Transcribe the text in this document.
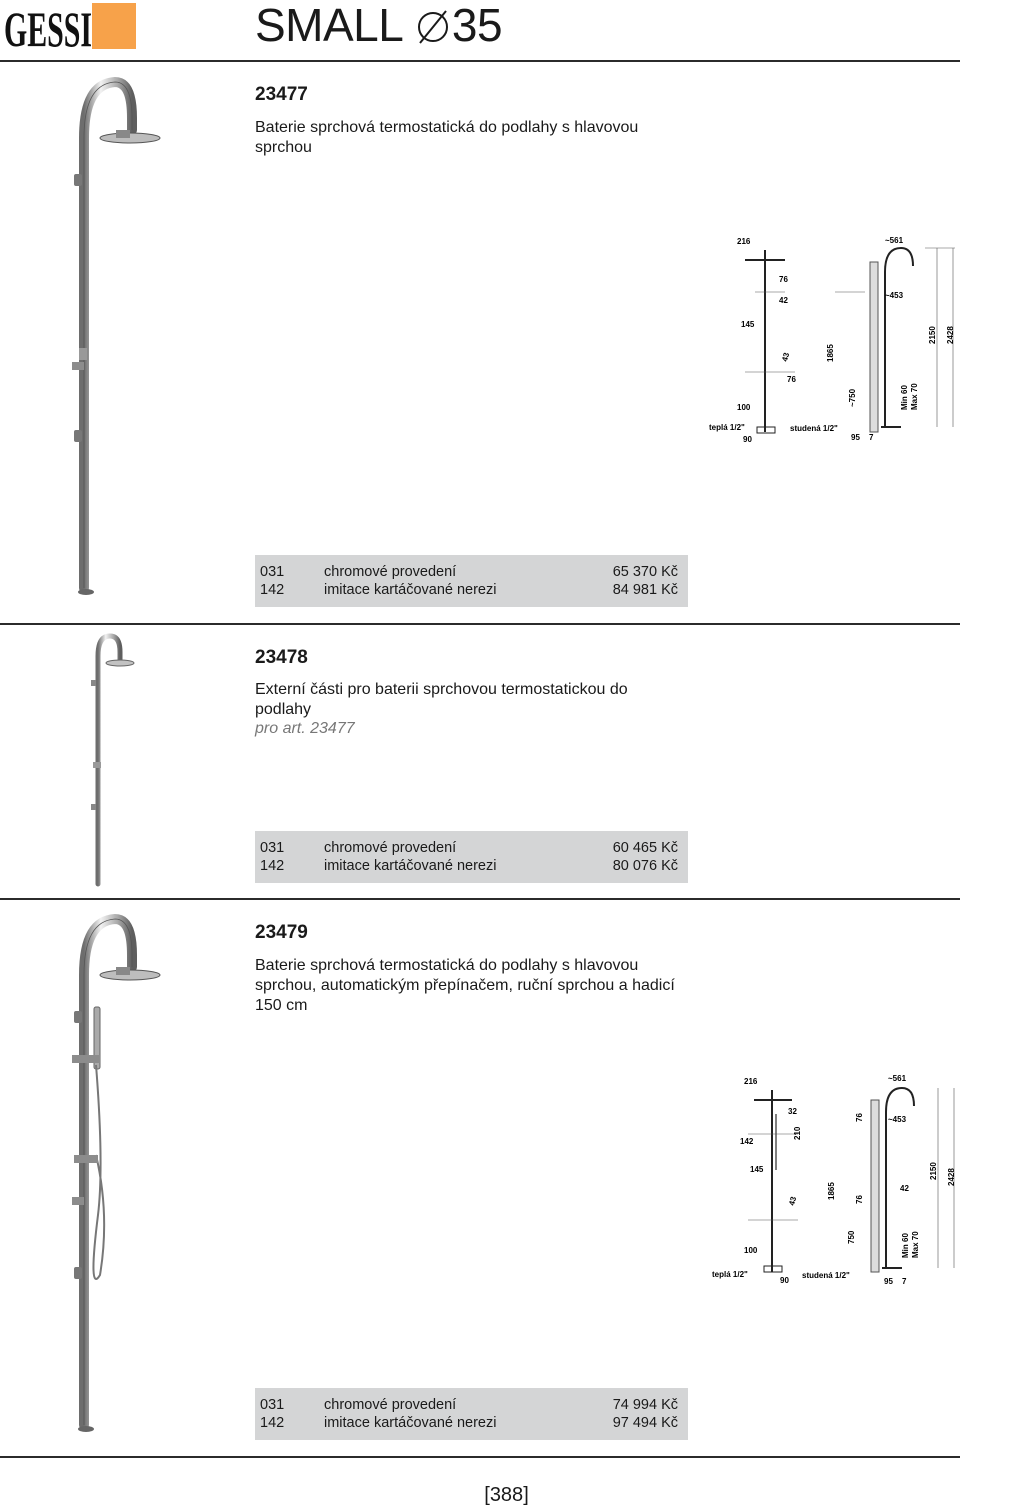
GESSI	SMALL 35
23477
Baterie sprchová termostatická do podlahy s hlavovou sprchou
216
76
42
145
43
76
1865
~750
100
90
teplá 1/2"	studená 1/2"
~561
~453
2150 2428
Min 60 Max 70
95 7
031	chromové provedení	65 370 Kč
142	imitace kartáčované nerezi	84 981 Kč
23478
Externí části pro baterii sprchovou termostatickou do podlahy
pro art. 23477
031	chromové provedení	60 465 Kč
142	imitace kartáčované nerezi	80 076 Kč
23479
Baterie sprchová termostatická do podlahy s hlavovou sprchou, automatickým přepínačem, ruční sprchou a hadicí 150 cm
216
32
210
142
76
145
43
1865 76
750
100
90
teplá 1/2"	studená 1/2"
~561
~453
42
2150 2428
Min 60 Max 70
95 7
031	chromové provedení	74 994 Kč
142	imitace kartáčované nerezi	97 494 Kč
[388]
